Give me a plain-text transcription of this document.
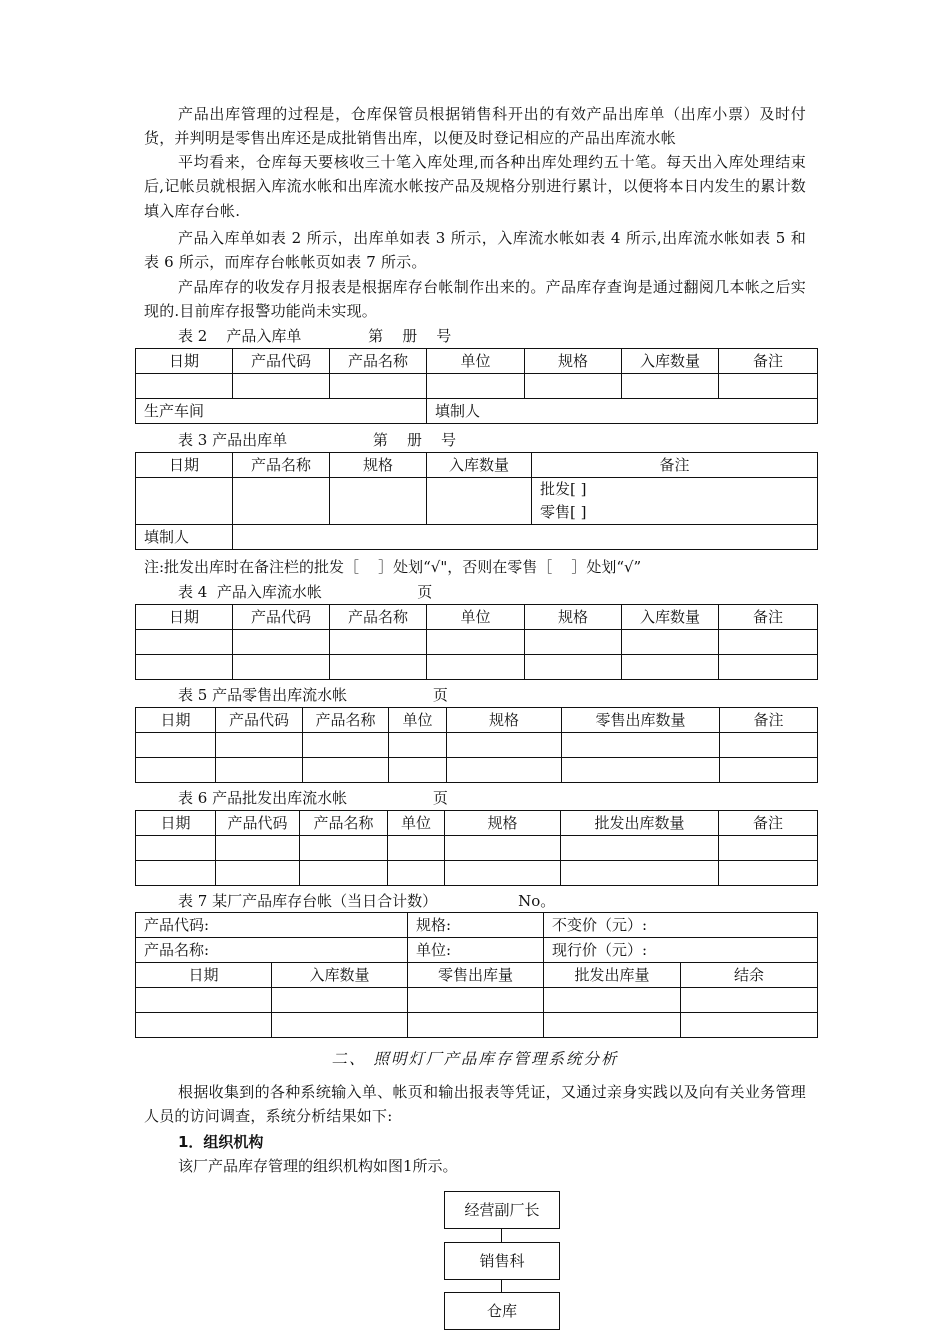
产品出库管理的过程是，仓库保管员根据销售科开出的有效产品出库单（出库小票）及时付货，并判明是零售出库还是成批销售出库，以便及时登记相应的产品出库流水帐

平均看来，仓库每天要核收三十笔入库处理,而各种出库处理约五十笔。每天出入库处理结束后,记帐员就根据入库流水帐和出库流水帐按产品及规格分别进行累计，以便将本日内发生的累计数填入库存台帐.

产品入库单如表 2 所示，出库单如表 3 所示，入库流水帐如表 4 所示,出库流水帐如表 5 和表 6 所示，而库存台帐帐页如表 7 所示。

产品库存的收发存月报表是根据库存台帐制作出来的。产品库存查询是通过翻阅几本帐之后实现的.目前库存报警功能尚未实现。

表 2    产品入库单              第    册    号
日期	产品代码	产品名称	单位	规格	入库数量	备注

生产车间			填制人			
表 3 产品出库单                  第    册    号
日期	产品名称	规格	入库数量	备注

				批发[ ]
零售[ ]

填制人				
注:批发出库时在备注栏的批发［    ］处划“√"，否则在零售［    ］处划“√”
表 4  产品入库流水帐                    页
日期	产品代码	产品名称	单位	规格	入库数量	备注

表 5 产品零售出库流水帐                  页
日期	产品代码	产品名称	单位	规格	零售出库数量	备注

表 6 产品批发出库流水帐                  页
日期	产品代码	产品名称	单位	规格	批发出库数量	备注

表 7 某厂产品库存台帐（当日合计数）                 No。
产品代码:		规格:	不变价（元）:	
产品名称:		单位:	现行价（元）:	
日期	入库数量	零售出库量	批发出库量	结余

二、 照明灯厂产品库存管理系统分析

根据收集到的各种系统输入单、帐页和输出报表等凭证，又通过亲身实践以及向有关业务管理人员的访问调查，系统分析结果如下:

1．组织机构
该厂产品库存管理的组织机构如图1所示。
经营副厂长
销售科
仓库
